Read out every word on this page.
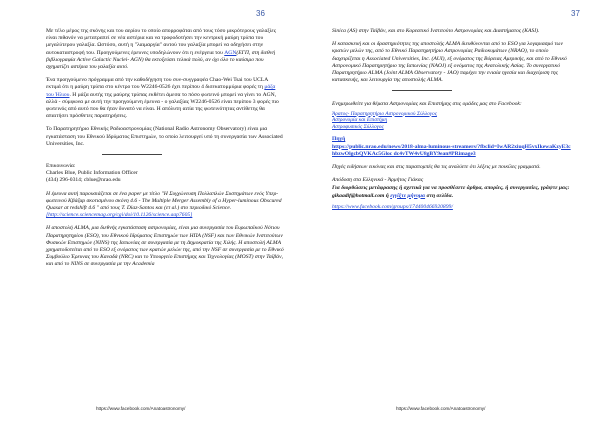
36

Με τέλο μέρος της σκόνης και του αερίου το οποίο απορροφάται από τους τόσο μικρότερους γαλαξίες είναι πιθανόν να μετατραπεί σε νέα αστέρια και να τροφοδοτήσει την κεντρική μαύρη τρύπα του μεγαλύτερου γαλαξία. Ωστόσο, αυτή η "λαιμαργία" αυτού του γαλαξία μπορεί να οδηγήσει στην αυτοκαταστροφή του. Προηγούμενες έρευνες υποδηλώνουν ότι η ενέργεια του AGN(ΕΓΠ, στη διεθνή βιβλιογραφία Active Galactic Nuclei- AGN) θα εκτοξεύσει τελικά πολύ, αν όχι όλο το καύσιμο που σχηματίζει αστέρια του γαλαξία αυτό.

Ένα προηγούμενο πρόγραμμα από την καθοδήγηση του συν-συγγραφέα Chao-Wei Tsai του UCLA εκτιμά ότι η μαύρη τρύπα στο κέντρο του W2246-0526 έχει περίπου 4 δισεκατομμύρια φορές τη μάζα του Ήλιου. Η μάζα αυτής της μαύρης τρύπας εκθέτει άμεσα το πόσο φωτεινό μπορεί να γίνει το AGN, αλλά - σύμφωνα με αυτή την προηγούμενη έρευνα - ο γαλαξίας W2246-0526 είναι περίπου 3 φορές πιο φωτεινός από αυτό που θα ήταν δυνατό να είναι. Η απόλυτη αιτία της φωτεινότητας αντίθετης θα απαιτήσει πρόσθετες παρατηρήσεις.

Το Παρατηρητήριο Εθνικής Ραδιοαστρονομίας (National Radio Astronomy Observatory) είναι μια εγκατάσταση του Εθνικού Ιδρύματος Επιστημών, το οποίο λειτουργεί υπό τη συνεργασία των Associated Universities, Inc.

Επικοινωνία:
Charles Blue, Public Information Officer
(434) 296-0314; cblue@nrao.edu

Η έρευνα αυτή παρουσιάζεται σε ένα paper με τίτλο "Η Συγχώνευση Πολλαπλών Συστημάτων ενός Υπερ-φωτεινού Κβάζαρ σκοτισμένου σκόνη 4.6 - The Multiple Merger Assembly of a Hyper-luminous Obscured Quasar at redshift 4.6 " από τους T. Diaz-Santos και (ετ al.) στο περιοδικό Science. [http://science.sciencemag.org/cgi/doi/10.1126/science.aap7605]

Η αποστολή ALMA, μια διεθνής εγκατάσταση αστρονομίας, είναι μια συνεργασία του Ευρωπαϊκού Νότιου Παρατηρητηρίου (ESO), του Εθνικού Ιδρύματος Επιστημών των ΗΠΑ (NSF) και των Εθνικών Ινστιτούτων Φυσικών Επιστημών (NINS) της Ιαπωνίας σε συνεργασία με τη Δημοκρατία της Χιλής. Η αποστολή ALMA χρηματοδοτείται από το ESO εξ ονόματος των κρατών μελών της, από την NSF σε συνεργασία με το Εθνικό Συμβούλιο Έρευνας του Καναδά (NRC) και το Υπουργείο Επιστήμης και Τεχνολογίας (MOST) στην Ταϊβάν, και από το NINS σε συνεργασία με την Academia

https://www.facebook.com/Anatoastronomy/
37

Sinica (AS) στην Ταϊβάν, και στο Κορεατικό Ινστιτούτο Αστρονομίας και Διαστήματος (KASI).

Η κατασκευή και οι δραστηριότητες της αποστολής ALMA διευθύνονται από το ESO για λογαριασμό των κρατών μελών της, από το Εθνικό Παρατηρητήριο Αστρονομίας Ραδιοκυμάτων (NRAO), το οποίο διαχειρίζεται η Associated Universities, Inc. (AUI), εξ ονόματος της Βόρειας Αμερικής, και από το Εθνικό Αστρονομικό Παρατηρητήριο της Ιαπωνίας (NAOJ) εξ ονόματος της Ανατολικής Ασίας. Το συνεργατικό Παρατηρητήριο ALMA (Joint ALMA Observatory - JAO) παρέχει την ενιαία ηγεσία και διαχείριση της κατασκευής, και λειτουργία της αποστολής ALMA.

Ενημερωθείτε για θέματα Αστρονομίας και Επιστήμης στις ομάδες μας στο Facebook:

Άρατος- Παρατηρητήριο Αστρονομικού Σύλλογος
Αστρονομία και Επιστήμη
Αστροφυσικός Σύλλογος

Πηγή
https://public.nrao.edu/news/2018-alma-luminous-streamers/?fbclid=IwAR2xiuqH5vxIkewaKzyE3chbzwOlgcbQVKAc5Gloc dc4vTW4vU8gBY9ean#PRimage3

Πηγές ειδήσεων εικόνας και στις παραπομπές θα τις αναλύετε ότι λέξεις με ποικίλες γραμματά.

Απόδοση στα Ελληνικά - Άρμήτος Γιάκας

Για διορθώσεις μετάφρασης ή σχετικά για να προσθέσετε άρθρα, απορίες, ή συνεργασίες, γράψτε μας: gikaadif@hotmail.com ή εγγίξτε μήνυμα στη σελίδα.

https://www.facebook.com/groups/174400466920899/

https://www.facebook.com/Anatoastronomy/
